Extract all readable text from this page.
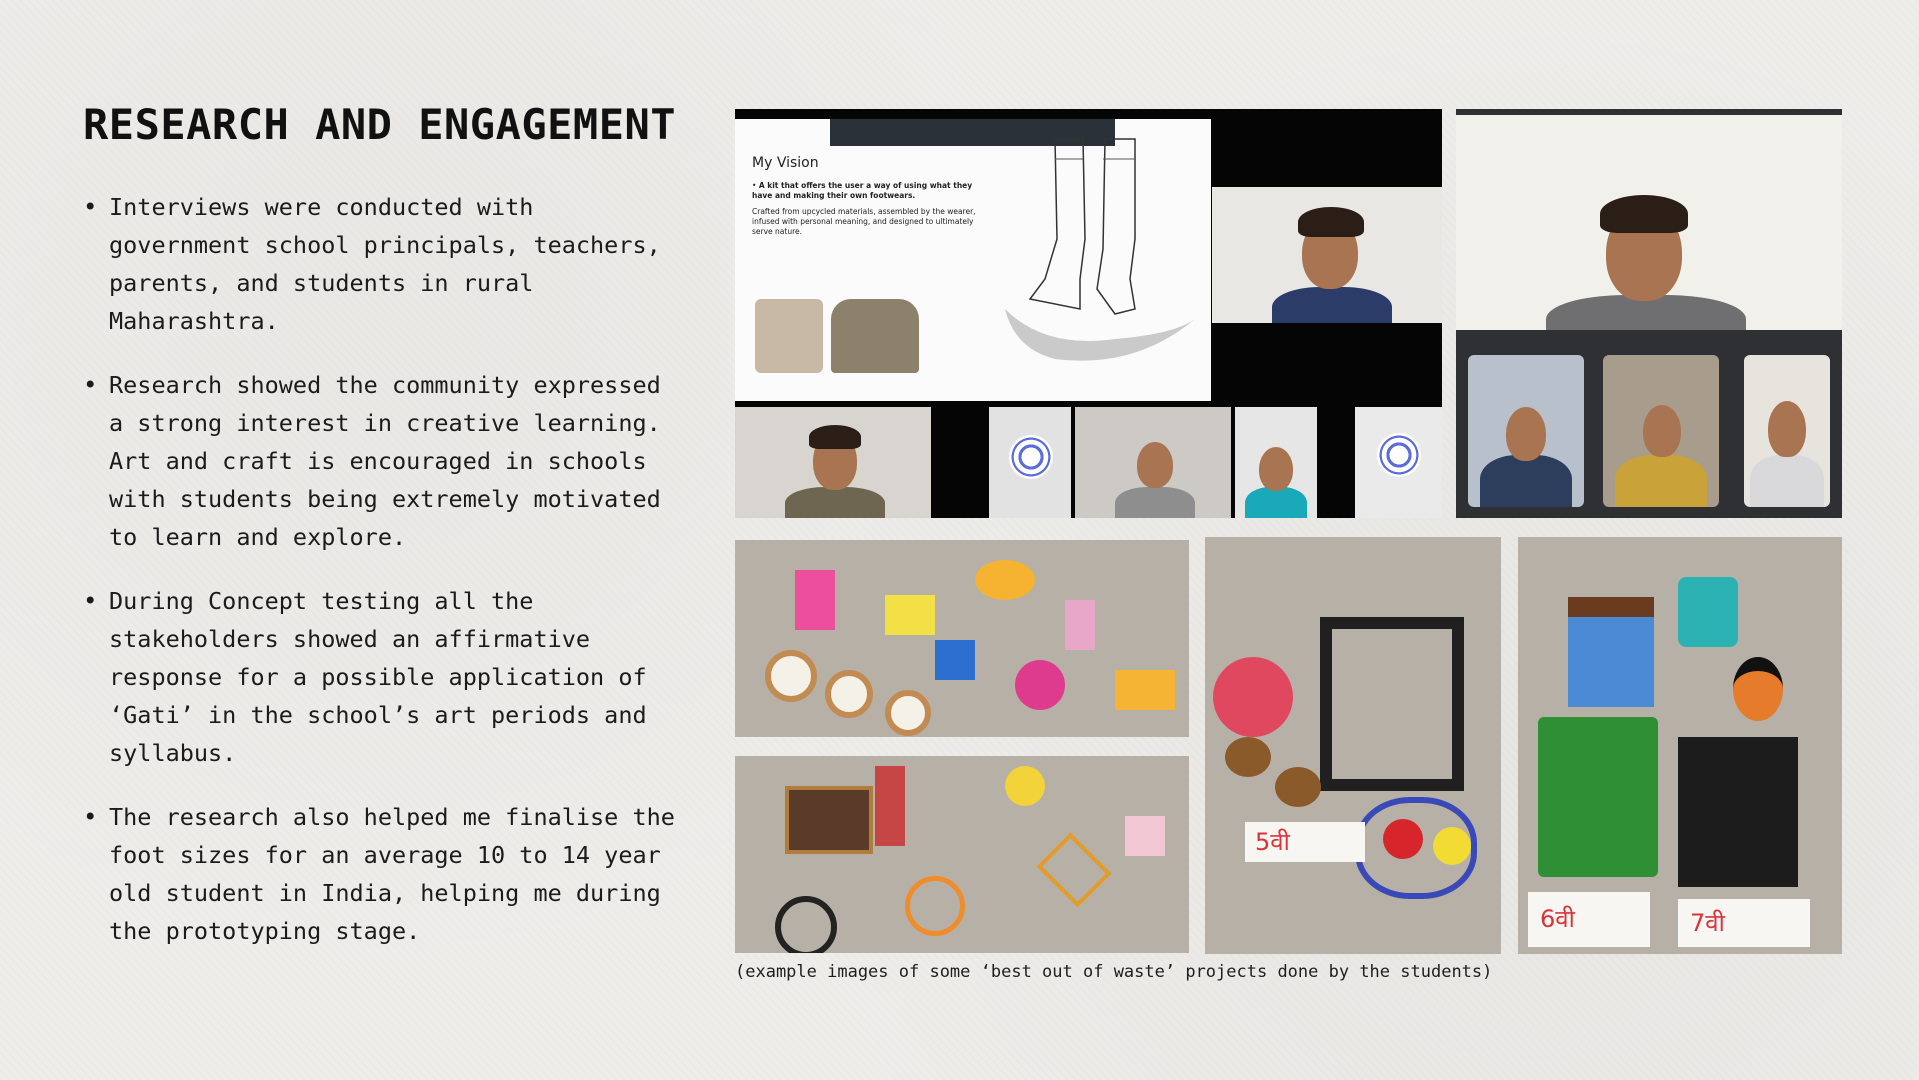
RESEARCH AND ENGAGEMENT
• Interviews were conducted with government school principals, teachers, parents, and students in rural Maharashtra.
• Research showed the community expressed a strong interest in creative learning. Art and craft is encouraged in schools with students being extremely motivated to learn and explore.
• During Concept testing all the stakeholders showed an affirmative response for a possible application of ‘Gati’ in the school’s art periods and syllabus.
• The research also helped me finalise the foot sizes for an average 10 to 14 year old student in India, helping me during the prototyping stage.
My Vision

• A kit that offers the user a way of using what they have and making their own footwears.

Crafted from upcycled materials, assembled by the wearer, infused with personal meaning, and designed to ultimately serve nature.

5वी
6वी	7वी
(example images of some ‘best out of waste’ projects done by the students)
